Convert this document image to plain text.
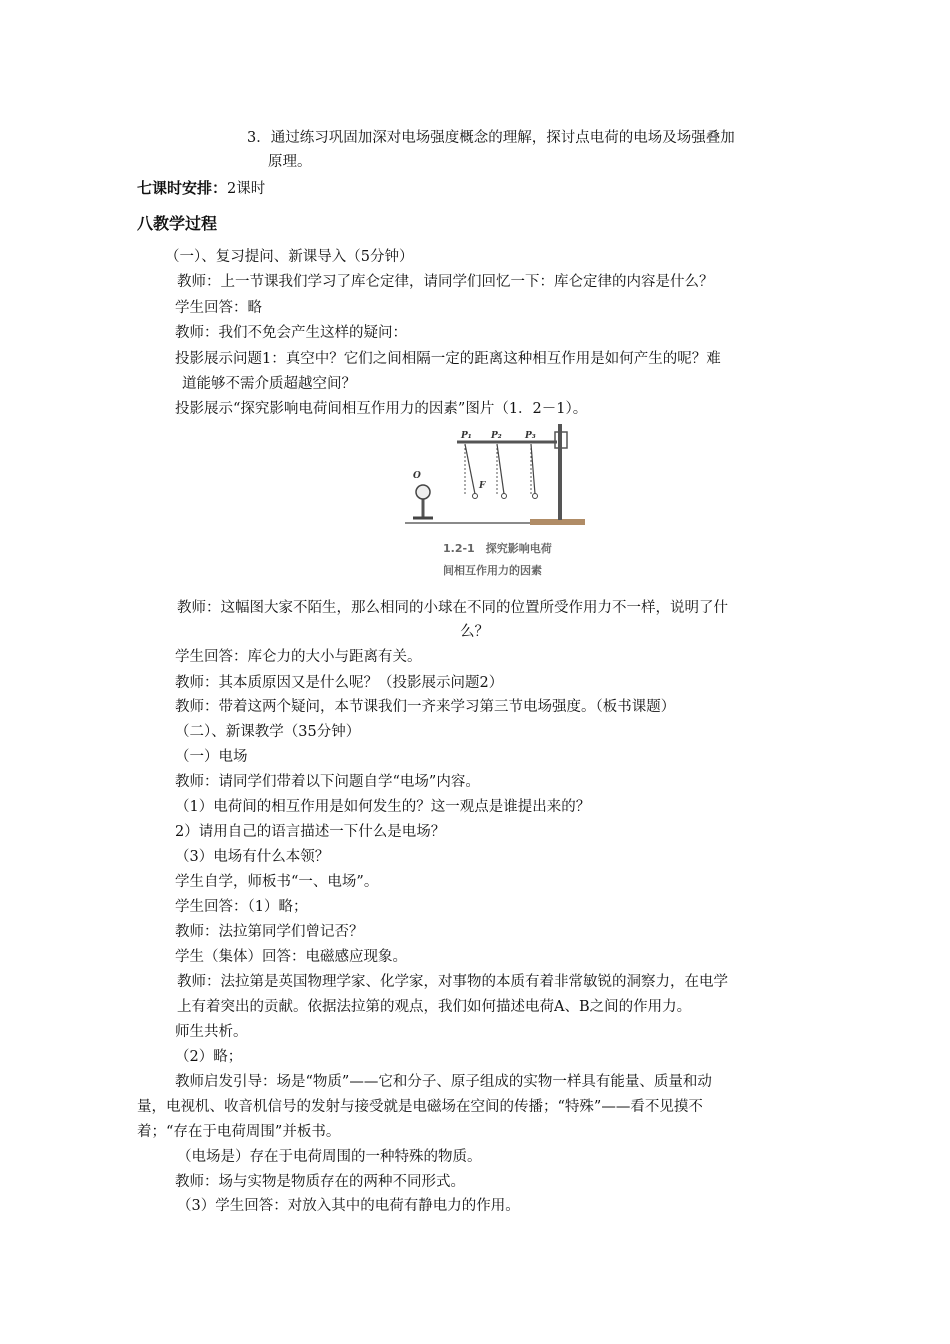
3．通过练习巩固加深对电场强度概念的理解，探讨点电荷的电场及场强叠加
原理。
七课时安排：2课时
八教学过程
（一）、复习提问、新课导入（5分钟）
教师：上一节课我们学习了库仑定律，请同学们回忆一下：库仑定律的内容是什么？
学生回答：略
教师：我们不免会产生这样的疑问：
投影展示问题1：真空中？它们之间相隔一定的距离这种相互作用是如何产生的呢？难
道能够不需介质超越空间？
投影展示“探究影响电荷间相互作用力的因素”图片（1．2－1）。
O
P₁ P₂	P₃
F
1.2-1　探究影响电荷
间相互作用力的因素
教师：这幅图大家不陌生，那么相同的小球在不同的位置所受作用力不一样，说明了什
么？
学生回答：库仑力的大小与距离有关。
教师：其本质原因又是什么呢？（投影展示问题2）
教师：带着这两个疑问，本节课我们一齐来学习第三节电场强度。（板书课题）
（二）、新课教学（35分钟）
（一）电场
教师：请同学们带着以下问题自学“电场”内容。
（1）电荷间的相互作用是如何发生的？这一观点是谁提出来的？
2）请用自己的语言描述一下什么是电场？
（3）电场有什么本领？
学生自学，师板书“一、电场”。
学生回答：（1）略；
教师：法拉第同学们曾记否？
学生（集体）回答：电磁感应现象。
教师：法拉第是英国物理学家、化学家，对事物的本质有着非常敏锐的洞察力，在电学
上有着突出的贡献。依据法拉第的观点，我们如何描述电荷A、B之间的作用力。
师生共析。
（2）略；
教师启发引导：场是“物质”——它和分子、原子组成的实物一样具有能量、质量和动
量，电视机、收音机信号的发射与接受就是电磁场在空间的传播；“特殊”——看不见摸不
着；“存在于电荷周围”并板书。
（电场是）存在于电荷周围的一种特殊的物质。
教师：场与实物是物质存在的两种不同形式。
（3）学生回答：对放入其中的电荷有静电力的作用。
